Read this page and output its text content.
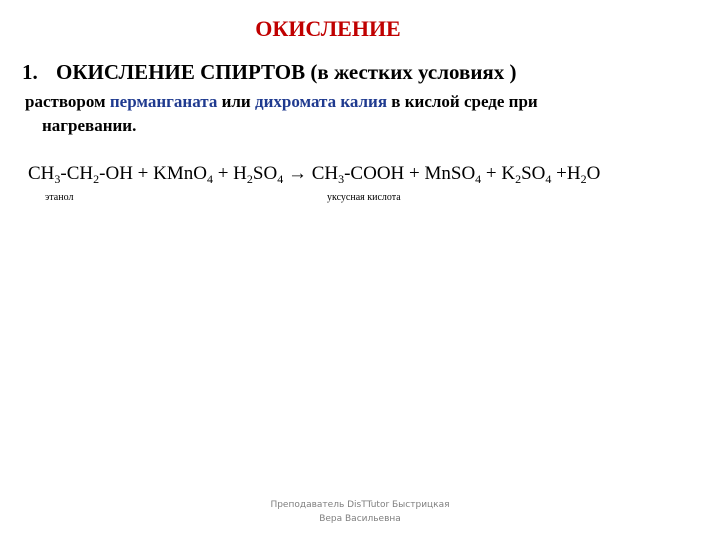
ОКИСЛЕНИЕ
1. ОКИСЛЕНИЕ СПИРТОВ (в жестких условиях )
раствором перманганата или дихромата калия в кислой среде при
нагревании.
$CH_3-CH_2-OH$ + KMnO$_4$ + $H_2SO_4$ → $CH_3$-COOH + MnSO$_4$ + $K_2SO_4 +H_2O$
этанол	уксусная кислота
Преподаватель DisTTutor Быстрицкая
Вера Васильевна
